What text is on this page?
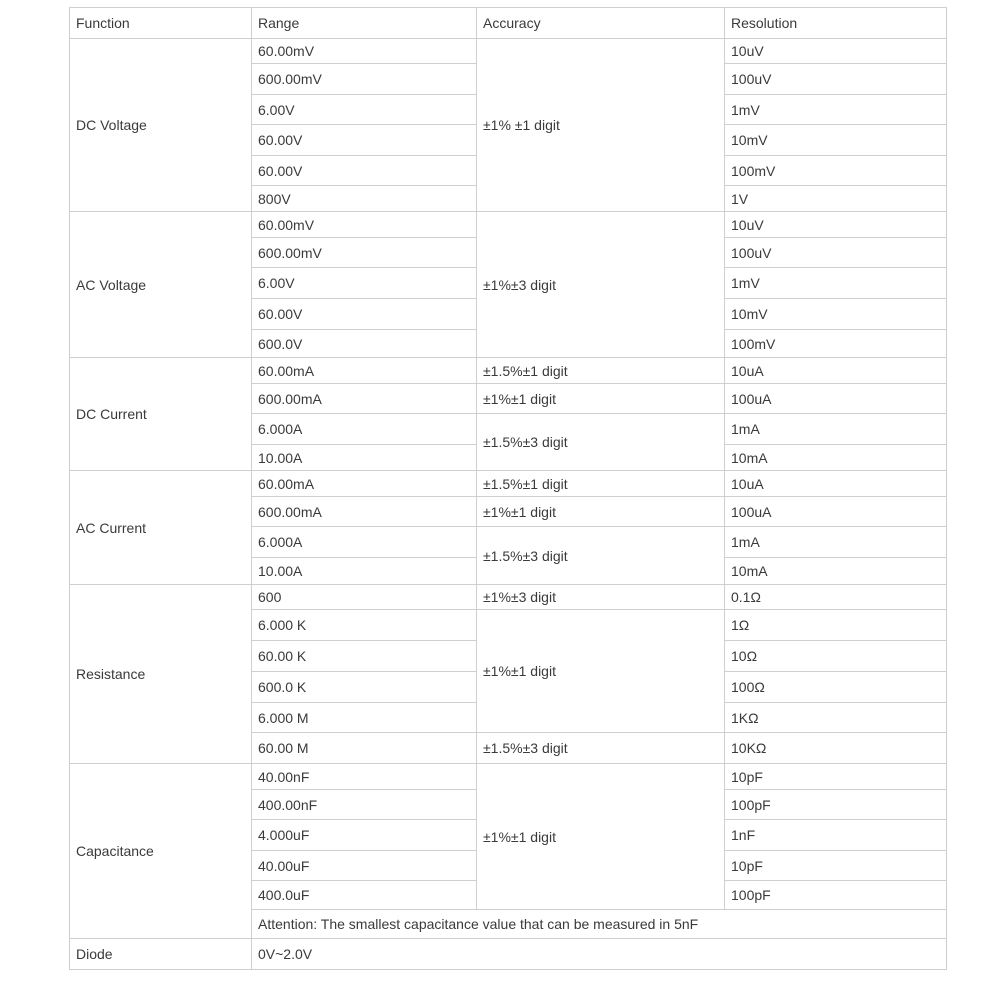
Function	Range	Accuracy	Resolution
DC Voltage	60.00mV	±1% ±1 digit	10uV
	600.00mV		100uV
	6.00V		1mV
	60.00V		10mV
	60.00V		100mV
	800V		1V
AC Voltage	60.00mV	±1%±3 digit	10uV
	600.00mV		100uV
	6.00V		1mV
	60.00V		10mV
	600.0V		100mV
DC Current	60.00mA	±1.5%±1 digit	10uA
	600.00mA	±1%±1 digit	100uA
	6.000A	±1.5%±3 digit	1mA
	10.00A		10mA
AC Current	60.00mA	±1.5%±1 digit	10uA
	600.00mA	±1%±1 digit	100uA
	6.000A	±1.5%±3 digit	1mA
	10.00A		10mA
Resistance	600	±1%±3 digit	0.1Ω
	6.000 K	±1%±1 digit	1Ω
	60.00 K		10Ω
	600.0 K		100Ω
	6.000 M		1KΩ
	60.00 M	±1.5%±3 digit	10KΩ
Capacitance	40.00nF	±1%±1 digit	10pF
	400.00nF		100pF
	4.000uF		1nF
	40.00uF		10pF
	400.0uF		100pF
	Attention: The smallest capacitance value that can be measured in 5nF		
Diode	0V~2.0V		
